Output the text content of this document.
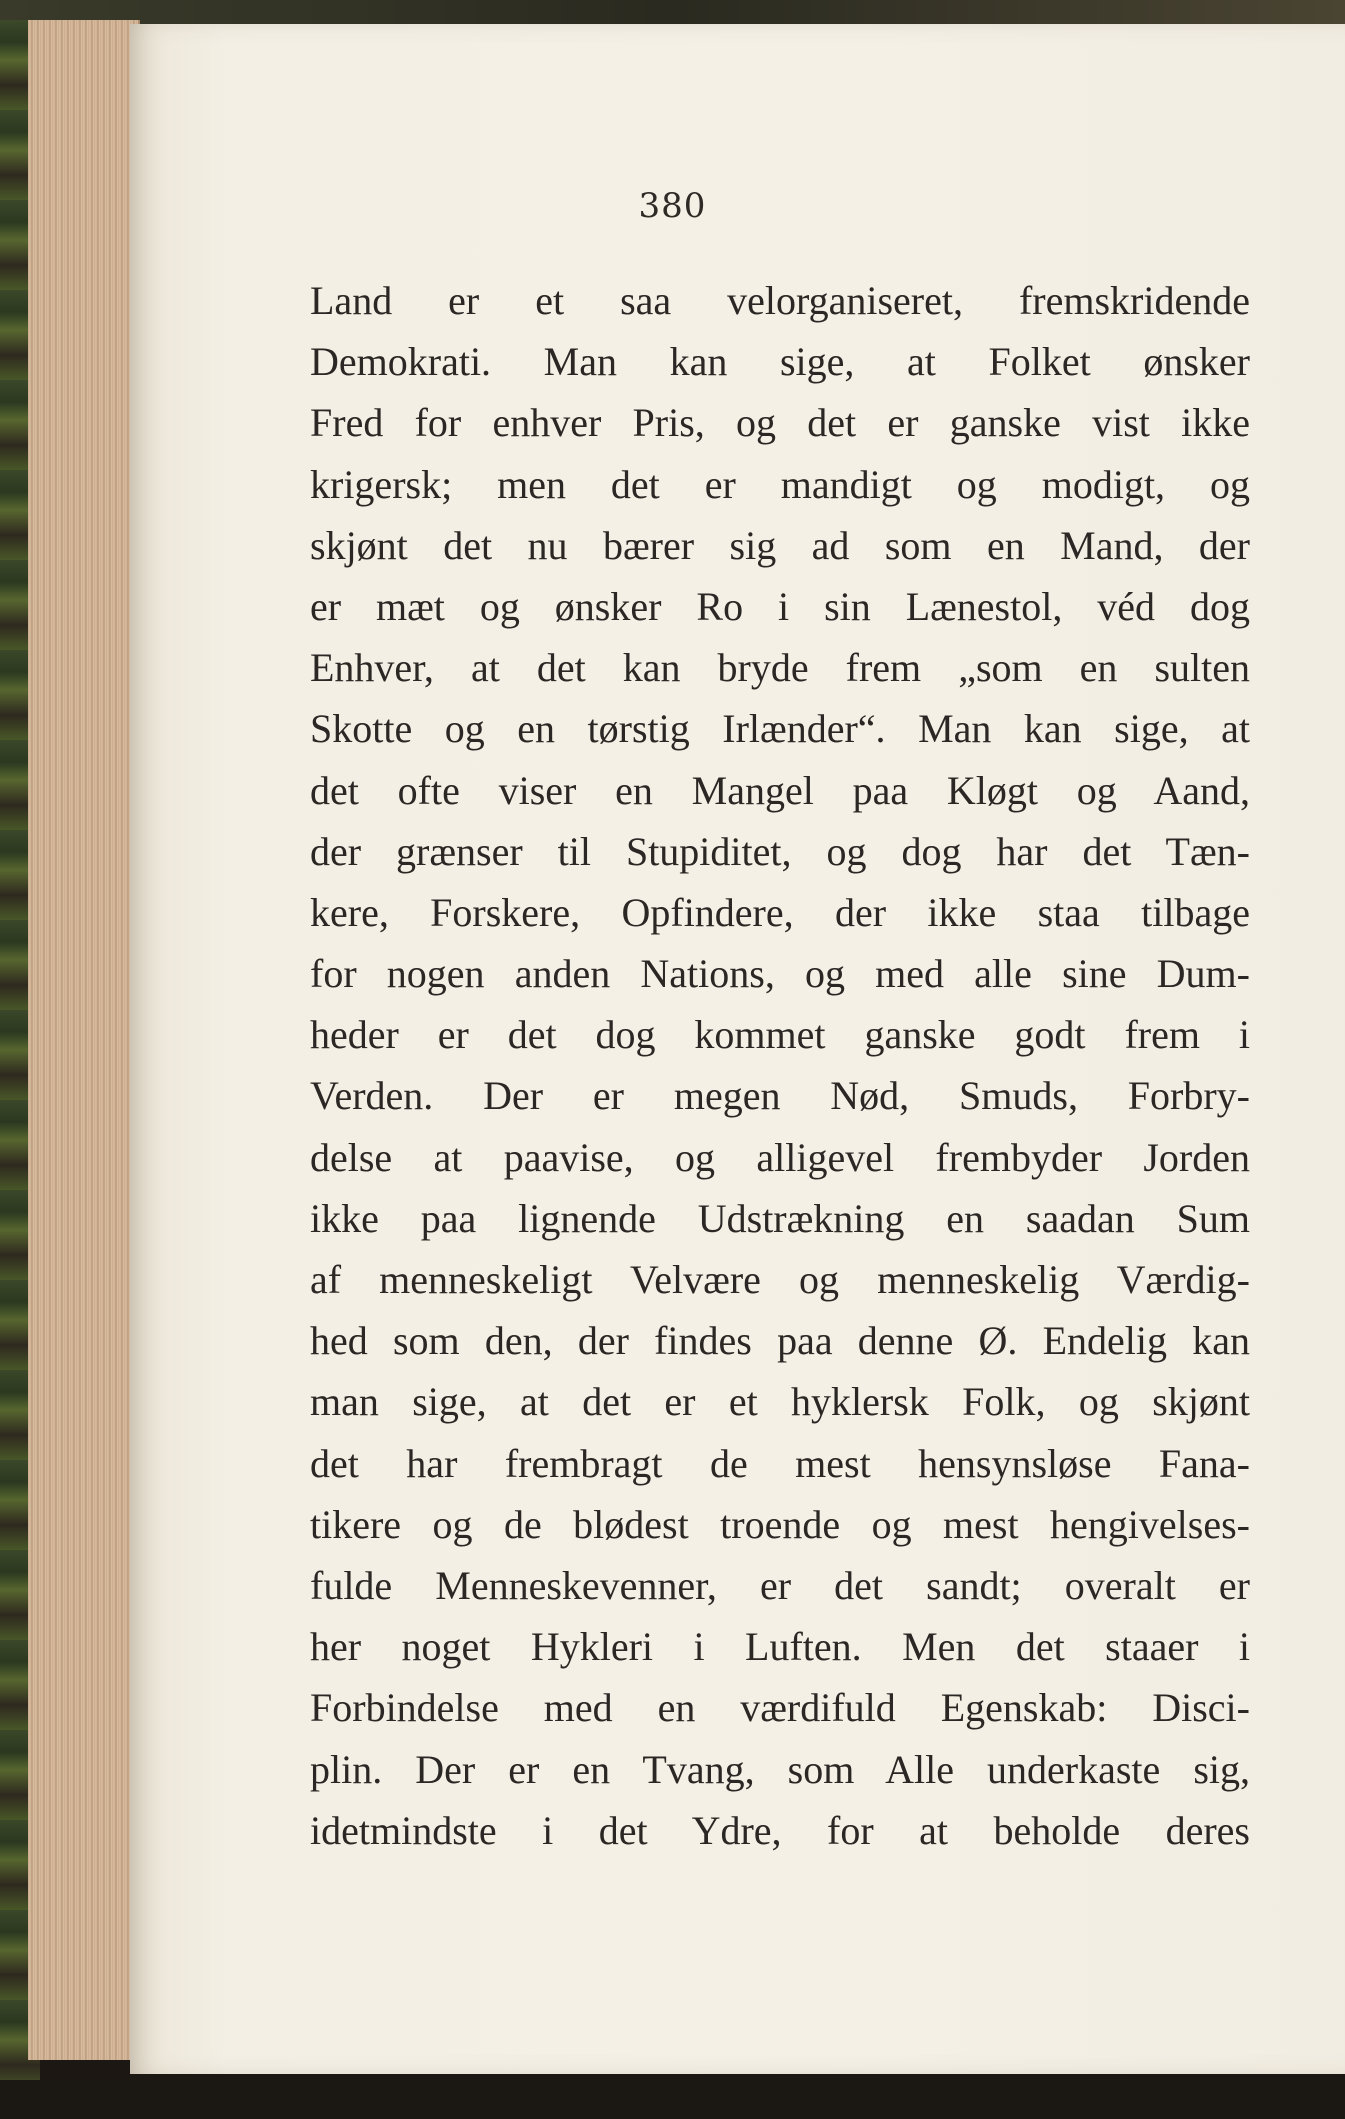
380
Land er et saa velorganiseret, fremskridende
Demokrati. Man kan sige, at Folket ønsker
Fred for enhver Pris, og det er ganske vist ikke
krigersk; men det er mandigt og modigt, og
skjønt det nu bærer sig ad som en Mand, der
er mæt og ønsker Ro i sin Lænestol, véd dog
Enhver, at det kan bryde frem „som en sulten
Skotte og en tørstig Irlænder“. Man kan sige, at
det ofte viser en Mangel paa Kløgt og Aand,
der grænser til Stupiditet, og dog har det Tæn-
kere, Forskere, Opfindere, der ikke staa tilbage
for nogen anden Nations, og med alle sine Dum-
heder er det dog kommet ganske godt frem i
Verden. Der er megen Nød, Smuds, Forbry-
delse at paavise, og alligevel frembyder Jorden
ikke paa lignende Udstrækning en saadan Sum
af menneskeligt Velvære og menneskelig Værdig-
hed som den, der findes paa denne Ø. Endelig kan
man sige, at det er et hyklersk Folk, og skjønt
det har frembragt de mest hensynsløse Fana-
tikere og de blødest troende og mest hengivelses-
fulde Menneskevenner, er det sandt; overalt er
her noget Hykleri i Luften. Men det staaer i
Forbindelse med en værdifuld Egenskab: Disci-
plin. Der er en Tvang, som Alle underkaste sig,
idetmindste i det Ydre, for at beholde deres
